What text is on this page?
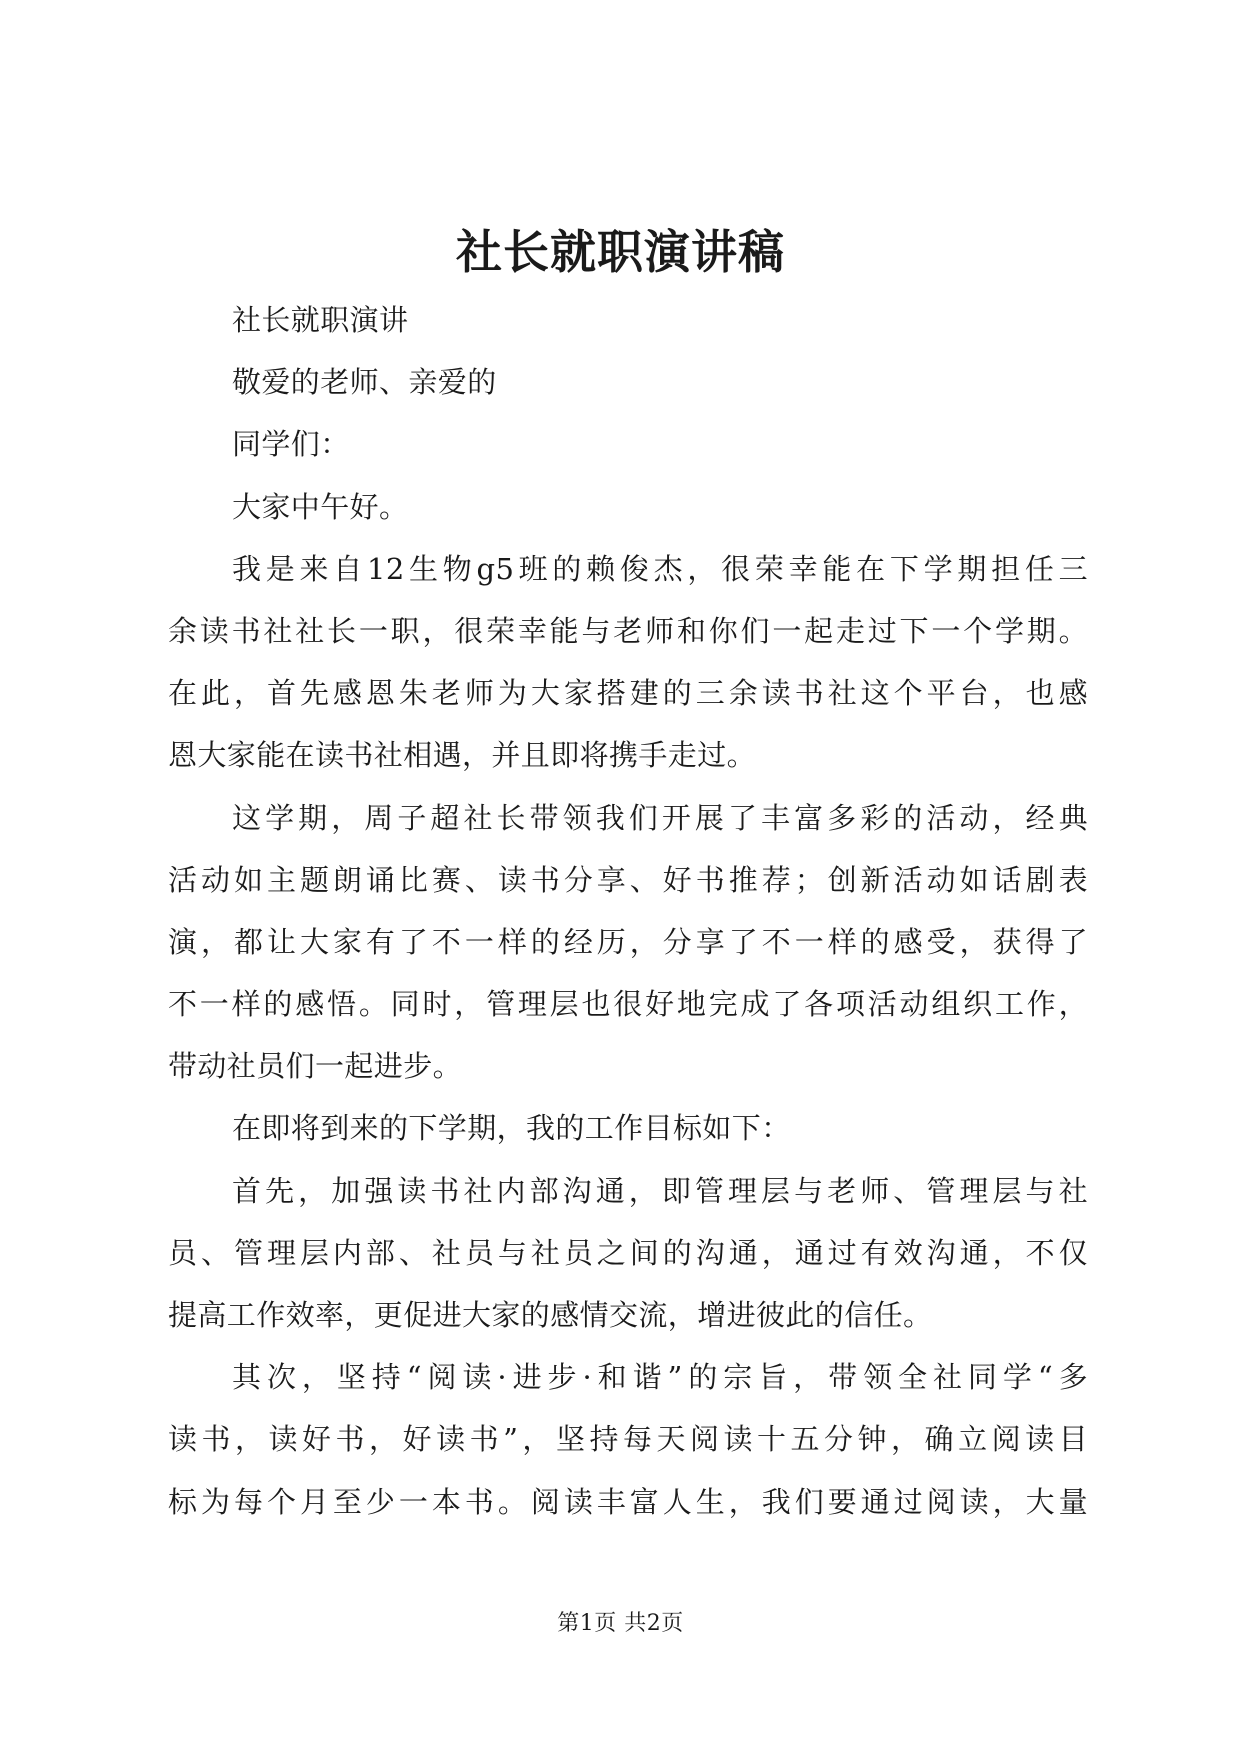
社长就职演讲稿
社长就职演讲
敬爱的老师、亲爱的
同学们：
大家中午好。
我是来自12生物g5班的赖俊杰，很荣幸能在下学期担任三
余读书社社长一职，很荣幸能与老师和你们一起走过下一个学期。
在此，首先感恩朱老师为大家搭建的三余读书社这个平台，也感
恩大家能在读书社相遇，并且即将携手走过。
这学期，周子超社长带领我们开展了丰富多彩的活动，经典
活动如主题朗诵比赛、读书分享、好书推荐；创新活动如话剧表
演，都让大家有了不一样的经历，分享了不一样的感受，获得了
不一样的感悟。同时，管理层也很好地完成了各项活动组织工作，
带动社员们一起进步。
在即将到来的下学期，我的工作目标如下：
首先，加强读书社内部沟通，即管理层与老师、管理层与社
员、管理层内部、社员与社员之间的沟通，通过有效沟通，不仅
提高工作效率，更促进大家的感情交流，增进彼此的信任。
其次，坚持“阅读·进步·和谐”的宗旨，带领全社同学“多
读书，读好书，好读书”，坚持每天阅读十五分钟，确立阅读目
标为每个月至少一本书。阅读丰富人生，我们要通过阅读，大量
第1页 共2页
